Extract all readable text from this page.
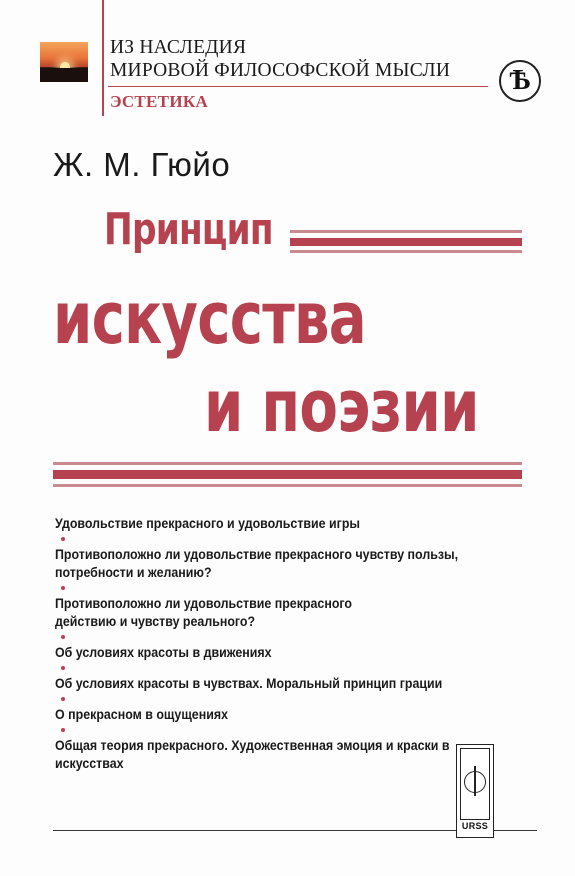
ИЗ НАСЛЕДИЯ
МИРОВОЙ ФИЛОСОФСКОЙ МЫСЛИ
ЭСТЕТИКА
Ѣ
Ж. М. Гюйо
Принцип
искусства
и поэзии
Удовольствие прекрасного и удовольствие игры
Противоположно ли удовольствие прекрасного чувству пользы, потребности и желанию?
Противоположно ли удовольствие прекрасного действию и чувству реального?
Об условиях красоты в движениях
Об условиях красоты в чувствах. Моральный принцип грации
О прекрасном в ощущениях
Общая теория прекрасного. Художественная эмоция и краски в искусствах
URSS
